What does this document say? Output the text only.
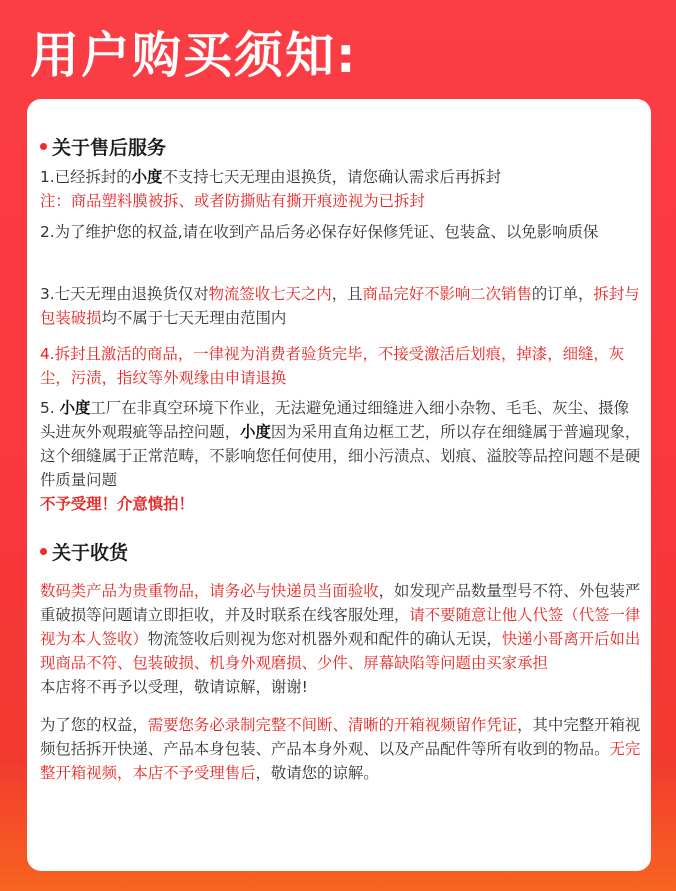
用户购买须知:
关于售后服务
1.已经拆封的小度不支持七天无理由退换货，请您确认需求后再拆封
注：商品塑料膜被拆、或者防撕贴有撕开痕迹视为已拆封
2.为了维护您的权益,请在收到产品后务必保存好保修凭证、包装盒、以免影响质保
3.七天无理由退换货仅对物流签收七天之内，且商品完好不影响二次销售的订单，拆封与包装破损均不属于七天无理由范围内
4.拆封且激活的商品，一律视为消费者验货完毕，不接受激活后划痕，掉漆，细缝，灰尘，污渍，指纹等外观缘由申请退换
5. 小度工厂在非真空环境下作业，无法避免通过细缝进入细小杂物、毛毛、灰尘、摄像头进灰外观瑕疵等品控问题，小度因为采用直角边框工艺，所以存在细缝属于普遍现象，这个细缝属于正常范畴，不影响您任何使用，细小污渍点、划痕、溢胶等品控问题不是硬件质量问题
不予受理！介意慎拍！
关于收货
数码类产品为贵重物品，请务必与快递员当面验收，如发现产品数量型号不符、外包装严重破损等问题请立即拒收，并及时联系在线客服处理，请不要随意让他人代签（代签一律视为本人签收）物流签收后则视为您对机器外观和配件的确认无误，快递小哥离开后如出现商品不符、包装破损、机身外观磨损、少件、屏幕缺陷等问题由买家承担
本店将不再予以受理，敬请谅解，谢谢!
为了您的权益，需要您务必录制完整不间断、清晰的开箱视频留作凭证，其中完整开箱视频包括拆开快递、产品本身包装、产品本身外观、以及产品配件等所有收到的物品。无完整开箱视频，本店不予受理售后，敬请您的谅解。
